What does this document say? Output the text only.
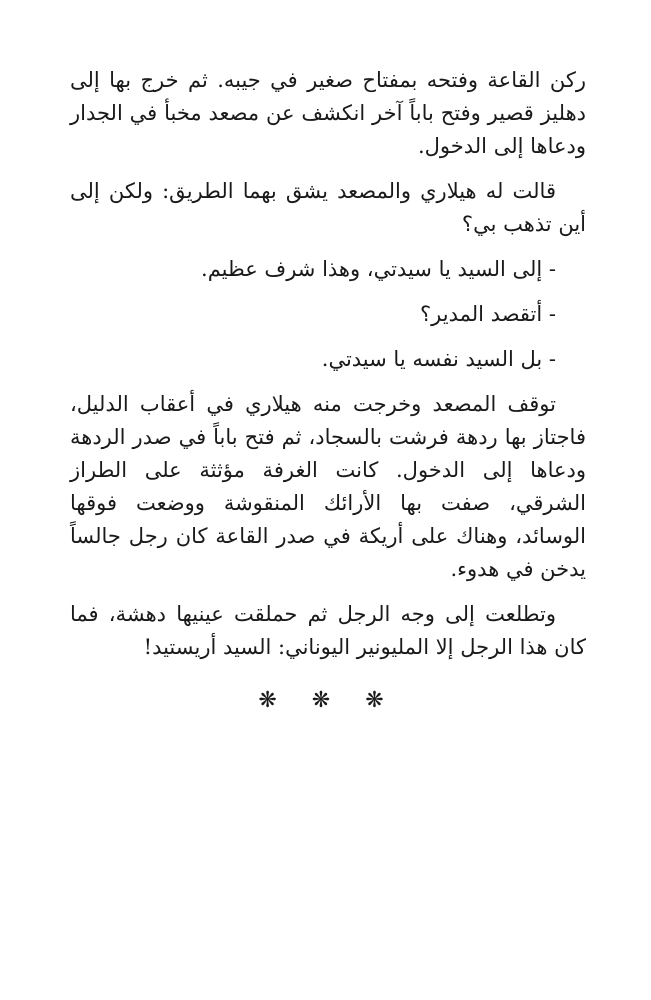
ركن القاعة وفتحه بمفتاح صغير في جيبه. ثم خرج بها إلى دهليز قصير وفتح باباً آخر انكشف عن مصعد مخبأ في الجدار ودعاها إلى الدخول.

قالت له هيلاري والمصعد يشق بهما الطريق: ولكن إلى أين تذهب بي؟

- إلى السيد يا سيدتي، وهذا شرف عظيم.

- أتقصد المدير؟

- بل السيد نفسه يا سيدتي.

توقف المصعد وخرجت منه هيلاري في أعقاب الدليل، فاجتاز بها ردهة فرشت بالسجاد، ثم فتح باباً في صدر الردهة ودعاها إلى الدخول. كانت الغرفة مؤثثة على الطراز الشرقي، صفت بها الأرائك المنقوشة ووضعت فوقها الوسائد، وهناك على أريكة في صدر القاعة كان رجل جالساً يدخن في هدوء.

وتطلعت إلى وجه الرجل ثم حملقت عينيها دهشة، فما كان هذا الرجل إلا المليونير اليوناني: السيد أريستيد!

❋ ❋ ❋
